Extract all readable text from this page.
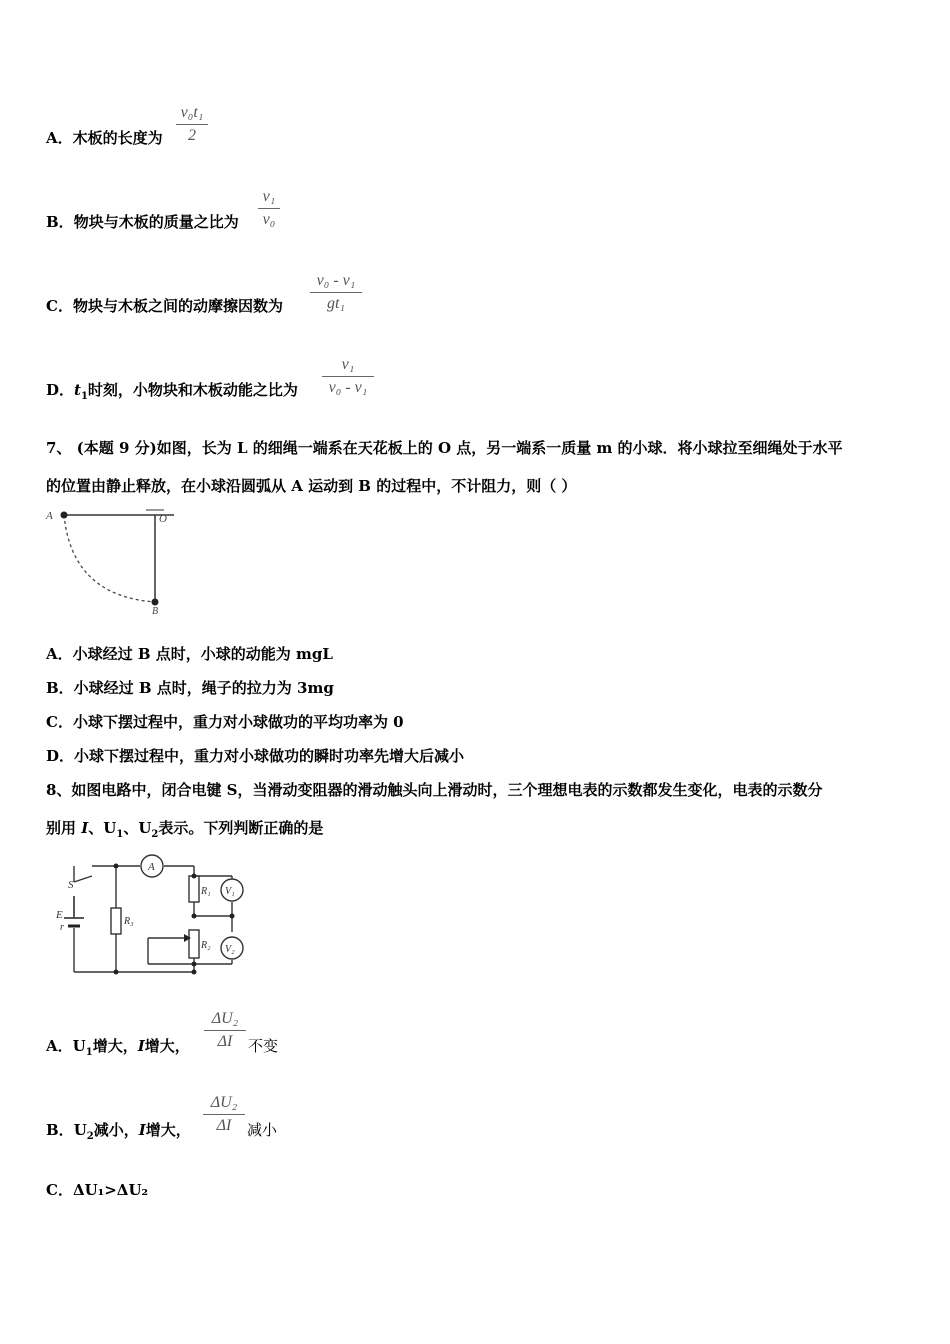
A．木板的长度为
v₀t₁
2
B．物块与木板的质量之比为
v₁
v₀
C．物块与木板之间的动摩擦因数为
v₀ - v₁
gt₁
D．$t_1$时刻，小物块和木板动能之比为
v₁
v₀ - v₁
7、 (本题 9 分)如图，长为 L 的细绳一端系在天花板上的 O 点，另一端系一质量 m 的小球．将小球拉至细绳处于水平
的位置由静止释放，在小球沿圆弧从 A 运动到 B 的过程中，不计阻力，则（ ）
A	O
B
A．小球经过 B 点时，小球的动能为 mgL
B．小球经过 B 点时，绳子的拉力为 3mg
C．小球下摆过程中，重力对小球做功的平均功率为 0
D．小球下摆过程中，重力对小球做功的瞬时功率先增大后减小
8、如图电路中，闭合电键 S，当滑动变阻器的滑动触头向上滑动时，三个理想电表的示数都发生变化，电表的示数分
别用 I、$U_1$、$U_2$表示。下列判断正确的是
A
V₁
V₂
S
E
r
R₃
R₁
R₂
A．$U_1$增大，I增大，
ΔU₂
ΔI	不变
B．$U_2$减小，I增大，
ΔU₂
ΔI	减小
C．ΔU₁>ΔU₂
